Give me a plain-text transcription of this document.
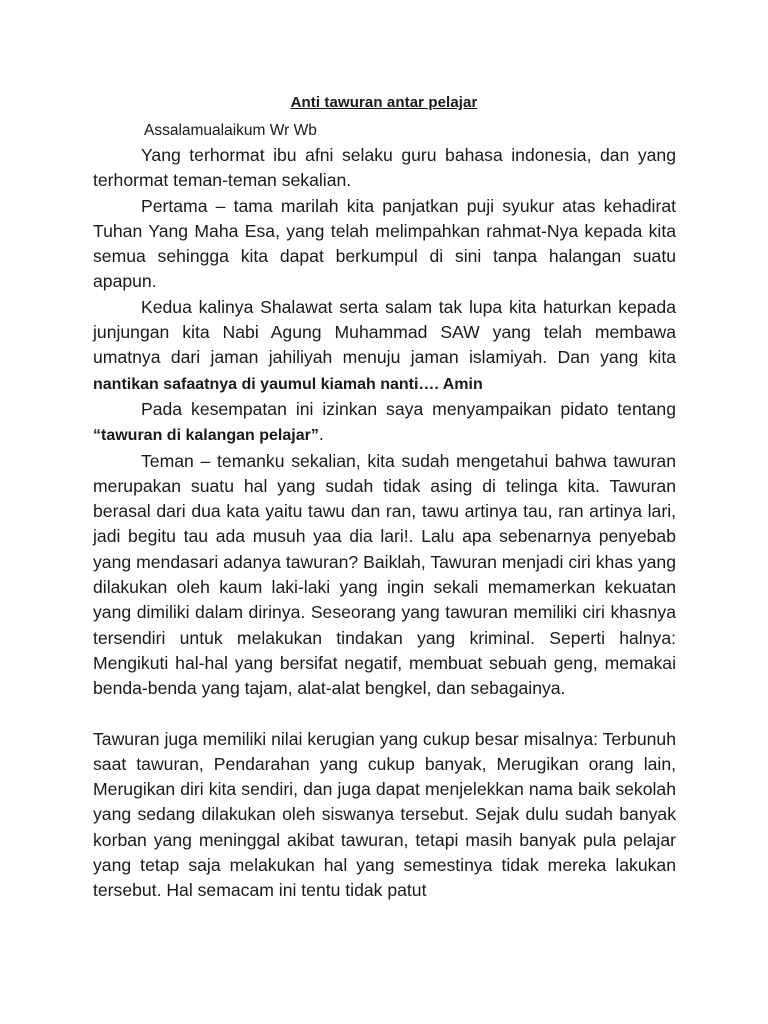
Anti tawuran antar pelajar
Assalamualaikum Wr Wb

Yang terhormat ibu afni selaku guru bahasa indonesia, dan yang terhormat teman-teman sekalian.

Pertama – tama marilah kita panjatkan puji syukur atas kehadirat Tuhan Yang Maha Esa, yang telah melimpahkan rahmat-Nya kepada kita semua sehingga kita dapat berkumpul di sini tanpa halangan suatu apapun.

Kedua kalinya Shalawat serta salam tak lupa kita haturkan kepada junjungan kita Nabi Agung Muhammad SAW yang telah membawa umatnya dari jaman jahiliyah menuju jaman islamiyah. Dan yang kita nantikan safaatnya di yaumul kiamah nanti…. Amin

Pada kesempatan ini izinkan saya menyampaikan pidato tentang “tawuran di kalangan pelajar”.

Teman – temanku sekalian, kita sudah mengetahui bahwa tawuran merupakan suatu hal yang sudah tidak asing di telinga kita. Tawuran berasal dari dua kata yaitu tawu dan ran, tawu artinya tau, ran artinya lari, jadi begitu tau ada musuh yaa dia lari!. Lalu apa sebenarnya penyebab yang mendasari adanya tawuran? Baiklah, Tawuran menjadi ciri khas yang dilakukan oleh kaum laki-laki yang ingin sekali memamerkan kekuatan yang dimiliki dalam dirinya. Seseorang yang tawuran memiliki ciri khasnya tersendiri untuk melakukan tindakan yang kriminal. Seperti halnya: Mengikuti hal-hal yang bersifat negatif, membuat sebuah geng, memakai benda-benda yang tajam, alat-alat bengkel, dan sebagainya.

Tawuran juga memiliki nilai kerugian yang cukup besar misalnya: Terbunuh saat tawuran, Pendarahan yang cukup banyak, Merugikan orang lain, Merugikan diri kita sendiri, dan juga dapat menjelekkan nama baik sekolah yang sedang dilakukan oleh siswanya tersebut. Sejak dulu sudah banyak korban yang meninggal akibat tawuran, tetapi masih banyak pula pelajar yang tetap saja melakukan hal yang semestinya tidak mereka lakukan tersebut. Hal semacam ini tentu tidak patut
